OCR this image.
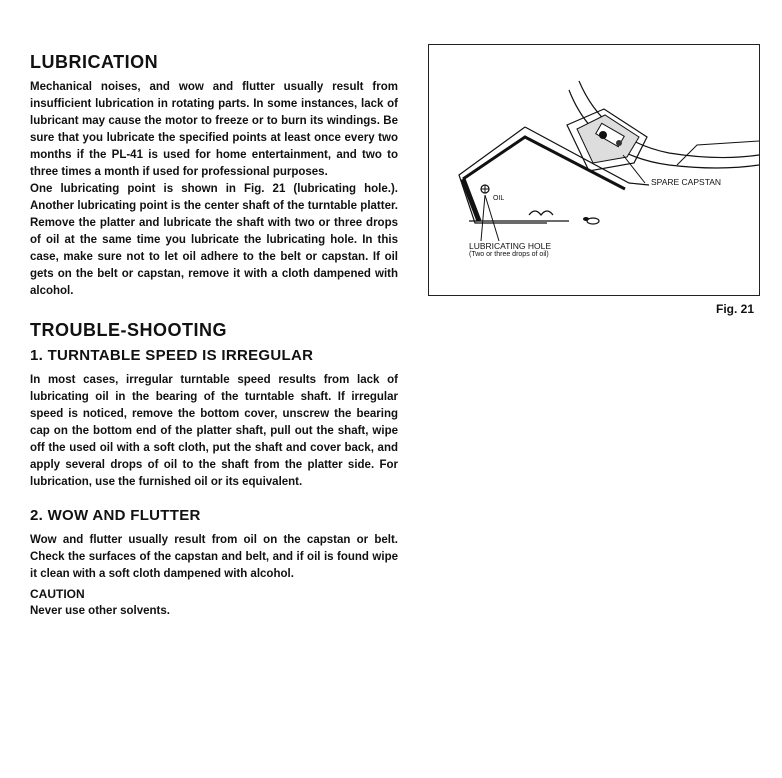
LUBRICATION

Mechanical noises, and wow and flutter usually result from insufficient lubrication in rotating parts. In some instances, lack of lubricant may cause the motor to freeze or to burn its windings. Be sure that you lubricate the specified points at least once every two months if the PL-41 is used for home entertainment, and two to three times a month if used for professional purposes.

One lubricating point is shown in Fig. 21 (lubricating hole.). Another lubricating point is the center shaft of the turntable platter. Remove the platter and lubricate the shaft with two or three drops of oil at the same time you lubricate the lubricating hole. In this case, make sure not to let oil adhere to the belt or capstan. If oil gets on the belt or capstan, remove it with a cloth dampened with alcohol.

TROUBLE-SHOOTING
1. TURNTABLE SPEED IS IRREGULAR

In most cases, irregular turntable speed results from lack of lubricating oil in the bearing of the turntable shaft. If irregular speed is noticed, remove the bottom cover, unscrew the bearing cap on the bottom end of the platter shaft, pull out the shaft, wipe off the used oil with a soft cloth, put the shaft and cover back, and apply several drops of oil to the shaft from the platter side. For lubrication, use the furnished oil or its equivalent.

2. WOW AND FLUTTER

Wow and flutter usually result from oil on the capstan or belt. Check the surfaces of the capstan and belt, and if oil is found wipe it clean with a soft cloth dampened with alcohol.

CAUTION

Never use other solvents.

SPARE CAPSTAN
OIL
LUBRICATING HOLE
(Two or three drops of oil)
Fig. 21
